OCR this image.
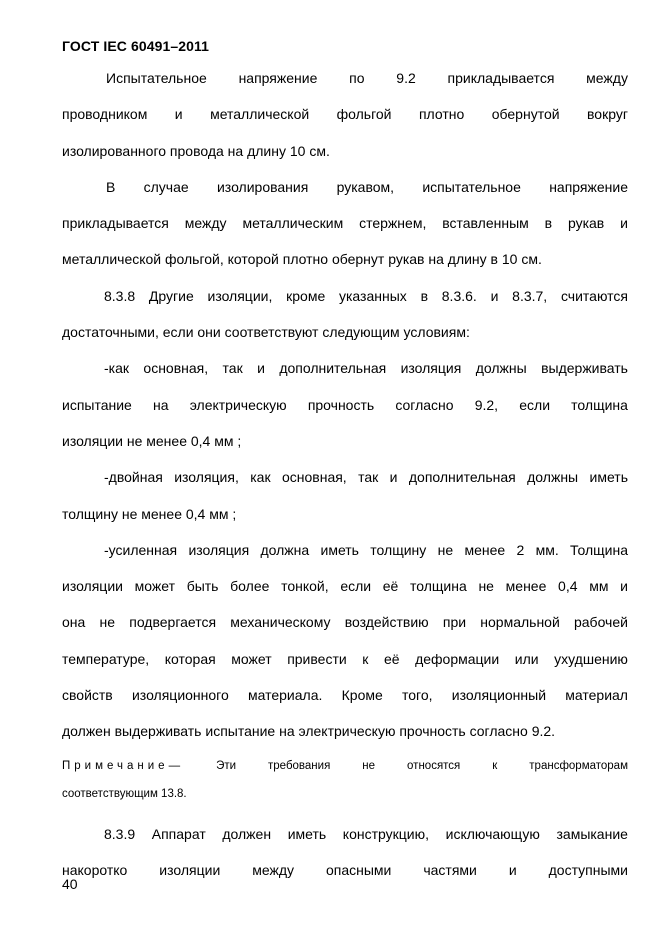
ГОСТ IEC 60491–2011
Испытательное напряжение по 9.2 прикладывается между
проводником и металлической фольгой плотно обернутой вокруг
изолированного провода на длину 10 см.
В случае изолирования рукавом, испытательное напряжение
прикладывается между металлическим стержнем, вставленным в рукав и
металлической фольгой, которой плотно обернут рукав на длину в 10 см.
8.3.8 Другие изоляции, кроме указанных в 8.3.6. и 8.3.7, считаются
достаточными, если они соответствуют следующим условиям:
-как основная, так и дополнительная изоляция должны выдерживать
испытание на электрическую прочность согласно 9.2, если толщина
изоляции не менее 0,4 мм ;
-двойная изоляция, как основная, так и дополнительная должны иметь
толщину не менее 0,4 мм ;
-усиленная изоляция должна иметь толщину не менее 2 мм. Толщина
изоляции может быть более тонкой, если её толщина не менее 0,4 мм и
она не подвергается механическому воздействию при нормальной рабочей
температуре, которая может привести к её деформации или ухудшению
свойств изоляционного материала. Кроме того, изоляционный материал
должен выдерживать испытание на электрическую прочность согласно 9.2.
Примечание—	Эти	требования	не	относятся	к	трансформаторам
соответствующим 13.8.
8.3.9 Аппарат должен иметь конструкцию, исключающую замыкание
накоротко изоляции между опасными частями и доступными
40
